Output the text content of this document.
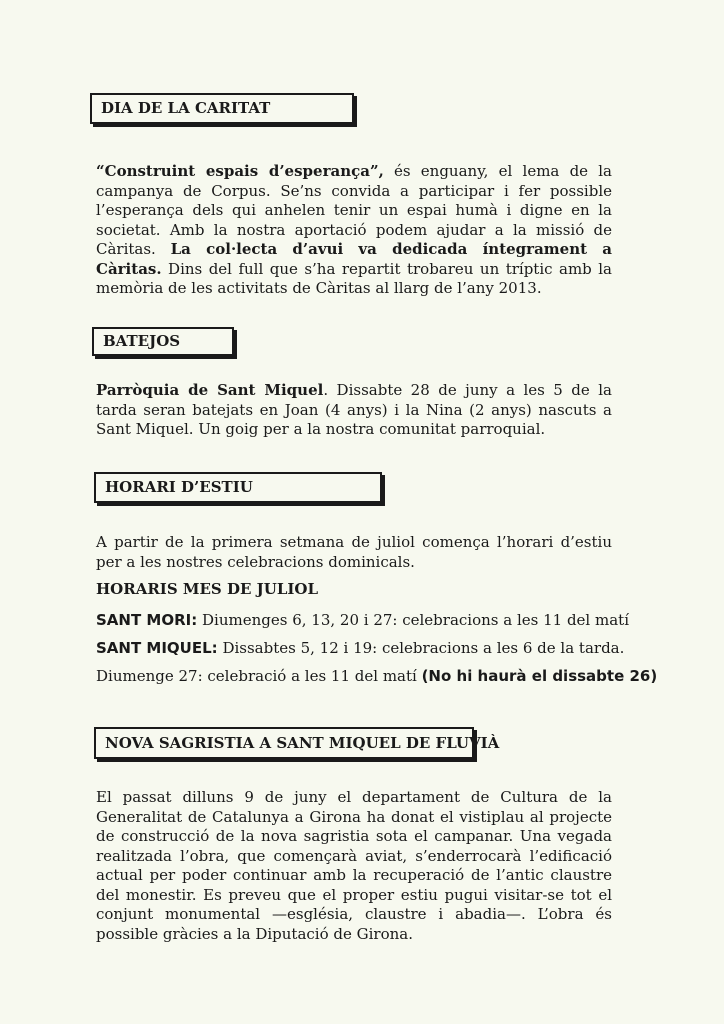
DIA DE LA CARITAT

“Construint espais d’esperança”, és enguany, el lema de la campanya de Corpus. Se’ns convida a participar i fer possible l’esperança dels qui anhelen tenir un espai humà i digne en la societat. Amb la nostra aportació podem ajudar a la missió de Càritas. La col·lecta d’avui va dedicada íntegrament a Càritas. Dins del full que s’ha repartit trobareu un tríptic amb la memòria de les activitats de Càritas al llarg de l’any 2013.

BATEJOS

Parròquia de Sant Miquel. Dissabte 28 de juny a les 5 de la tarda seran batejats en Joan (4 anys) i la Nina (2 anys) nascuts a Sant Miquel. Un goig per a la nostra comunitat parroquial.

HORARI D’ESTIU

A partir de la primera setmana de juliol comença l’horari d’estiu per a les nostres celebracions dominicals.

HORARIS MES DE JULIOL

SANT MORI: Diumenges 6, 13, 20 i 27: celebracions a les 11 del matí

SANT MIQUEL: Dissabtes 5, 12 i 19: celebracions a les 6 de la tarda.

Diumenge 27: celebració a les 11 del matí (No hi haurà el dissabte 26)

NOVA SAGRISTIA A SANT MIQUEL DE FLUVIÀ

El passat dilluns 9 de juny el departament de Cultura de la Generalitat de Catalunya a Girona ha donat el vistiplau al projecte de construcció de la nova sagristia sota el campanar. Una vegada realitzada l’obra, que començarà aviat, s’enderrocarà l’edificació actual per poder continuar amb la recuperació de l’antic claustre del monestir. Es preveu que el proper estiu pugui visitar-se tot el conjunt monumental —església, claustre i abadia—. L’obra és possible gràcies a la Diputació de Girona.
